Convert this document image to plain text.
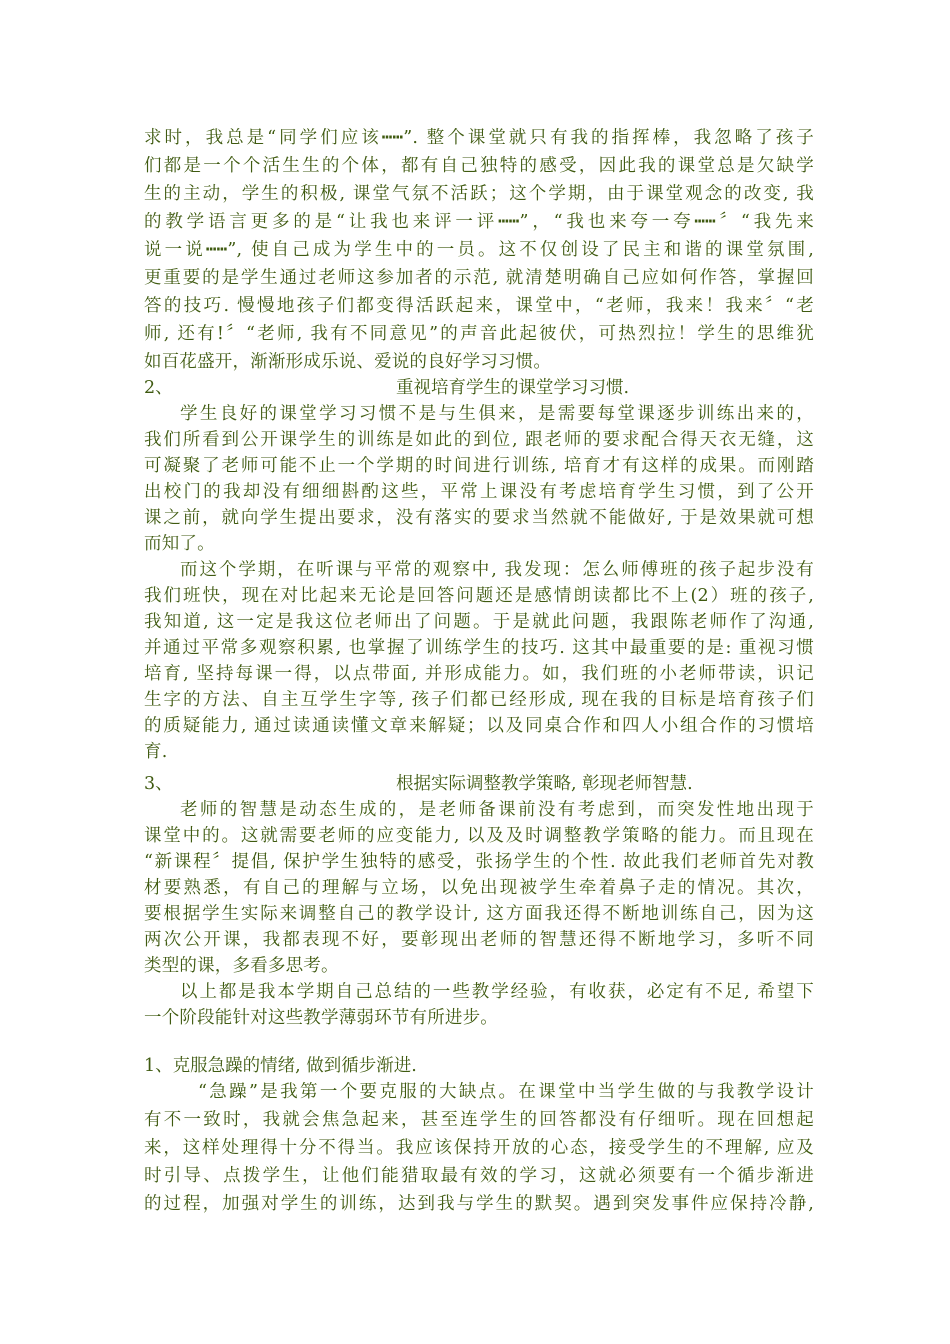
求时，我总是“同学们应该┅┅”. 整个课堂就只有我的指挥棒，我忽略了孩子
们都是一个个活生生的个体，都有自己独特的感受，因此我的课堂总是欠缺学
生的主动，学生的积极, 课堂气氛不活跃；这个学期，由于课堂观念的改变, 我
的教学语言更多的是“让我也来评一评┅┅”，“我也来夸一夸┅┅〞“我先来
说一说┅┅”, 使自己成为学生中的一员。这不仅创设了民主和谐的课堂氛围,
更重要的是学生通过老师这参加者的示范, 就清楚明确自己应如何作答，掌握回
答的技巧. 慢慢地孩子们都变得活跃起来，课堂中，“老师，我来！我来〞“老
师, 还有!〞“老师, 我有不同意见”的声音此起彼伏，可热烈拉！学生的思维犹
如百花盛开，渐渐形成乐说、爱说的良好学习习惯。
2、	重视培育学生的课堂学习习惯.
学生良好的课堂学习习惯不是与生俱来，是需要每堂课逐步训练出来的，
我们所看到公开课学生的训练是如此的到位, 跟老师的要求配合得天衣无缝，这
可凝聚了老师可能不止一个学期的时间进行训练, 培育才有这样的成果。而刚踏
出校门的我却没有细细斟酌这些，平常上课没有考虑培育学生习惯，到了公开
课之前，就向学生提出要求，没有落实的要求当然就不能做好, 于是效果就可想
而知了。
而这个学期，在听课与平常的观察中, 我发现：怎么师傅班的孩子起步没有
我们班快，现在对比起来无论是回答问题还是感情朗读都比不上(2）班的孩子,
我知道, 这一定是我这位老师出了问题。于是就此问题，我跟陈老师作了沟通,
并通过平常多观察积累, 也掌握了训练学生的技巧. 这其中最重要的是: 重视习惯
培育, 坚持每课一得，以点带面, 并形成能力。如，我们班的小老师带读，识记
生字的方法、自主互学生字等, 孩子们都已经形成, 现在我的目标是培育孩子们
的质疑能力, 通过读通读懂文章来解疑；以及同桌合作和四人小组合作的习惯培
育.
3、	根据实际调整教学策略, 彰现老师智慧.
老师的智慧是动态生成的，是老师备课前没有考虑到，而突发性地出现于
课堂中的。这就需要老师的应变能力, 以及及时调整教学策略的能力。而且现在
“新课程〞提倡, 保护学生独特的感受，张扬学生的个性. 故此我们老师首先对教
材要熟悉，有自己的理解与立场，以免出现被学生牵着鼻子走的情况。其次，
要根据学生实际来调整自己的教学设计, 这方面我还得不断地训练自己，因为这
两次公开课，我都表现不好，要彰现出老师的智慧还得不断地学习，多听不同
类型的课，多看多思考。
以上都是我本学期自己总结的一些教学经验，有收获，必定有不足, 希望下
一个阶段能针对这些教学薄弱环节有所进步。
1、克服急躁的情绪, 做到循步渐进.
“急躁”是我第一个要克服的大缺点。在课堂中当学生做的与我教学设计
有不一致时，我就会焦急起来，甚至连学生的回答都没有仔细听。现在回想起
来，这样处理得十分不得当。我应该保持开放的心态，接受学生的不理解, 应及
时引导、点拨学生，让他们能猎取最有效的学习，这就必须要有一个循步渐进
的过程，加强对学生的训练，达到我与学生的默契。遇到突发事件应保持冷静,
